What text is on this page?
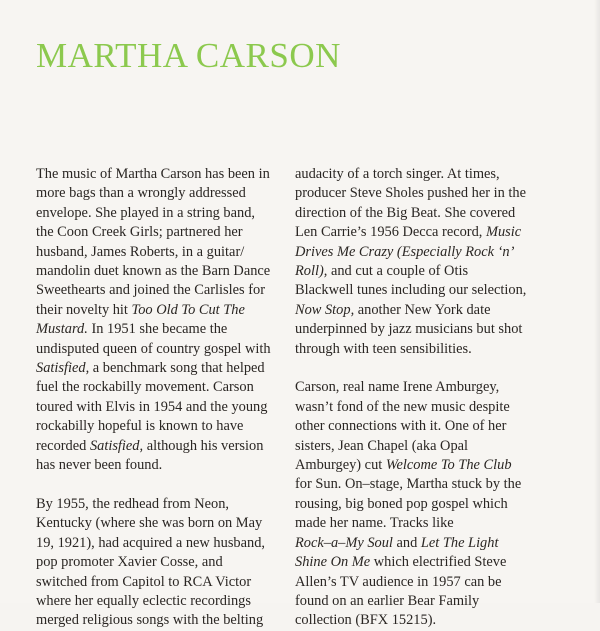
MARTHA CARSON

The music of Martha Carson has been in
more bags than a wrongly addressed
envelope. She played in a string band,
the Coon Creek Girls; partnered her
husband, James Roberts, in a guitar/
mandolin duet known as the Barn Dance
Sweethearts and joined the Carlisles for
their novelty hit Too Old To Cut The
Mustard. In 1951 she became the
undisputed queen of country gospel with
Satisfied, a benchmark song that helped
fuel the rockabilly movement. Carson
toured with Elvis in 1954 and the young
rockabilly hopeful is known to have
recorded Satisfied, although his version
has never been found.

By 1955, the redhead from Neon,
Kentucky (where she was born on May
19, 1921), had acquired a new husband,
pop promoter Xavier Cosse, and
switched from Capitol to RCA Victor
where her equally eclectic recordings
merged religious songs with the belting

audacity of a torch singer. At times,
producer Steve Sholes pushed her in the
direction of the Big Beat. She covered
Len Carrie’s 1956 Decca record, Music
Drives Me Crazy (Especially Rock ‘n’
Roll), and cut a couple of Otis
Blackwell tunes including our selection,
Now Stop, another New York date
underpinned by jazz musicians but shot
through with teen sensibilities.

Carson, real name Irene Amburgey,
wasn’t fond of the new music despite
other connections with it. One of her
sisters, Jean Chapel (aka Opal
Amburgey) cut Welcome To The Club
for Sun. On–stage, Martha stuck by the
rousing, big boned pop gospel which
made her name. Tracks like
Rock–a–My Soul and Let The Light
Shine On Me which electrified Steve
Allen’s TV audience in 1957 can be
found on an earlier Bear Family
collection (BFX 15215).
